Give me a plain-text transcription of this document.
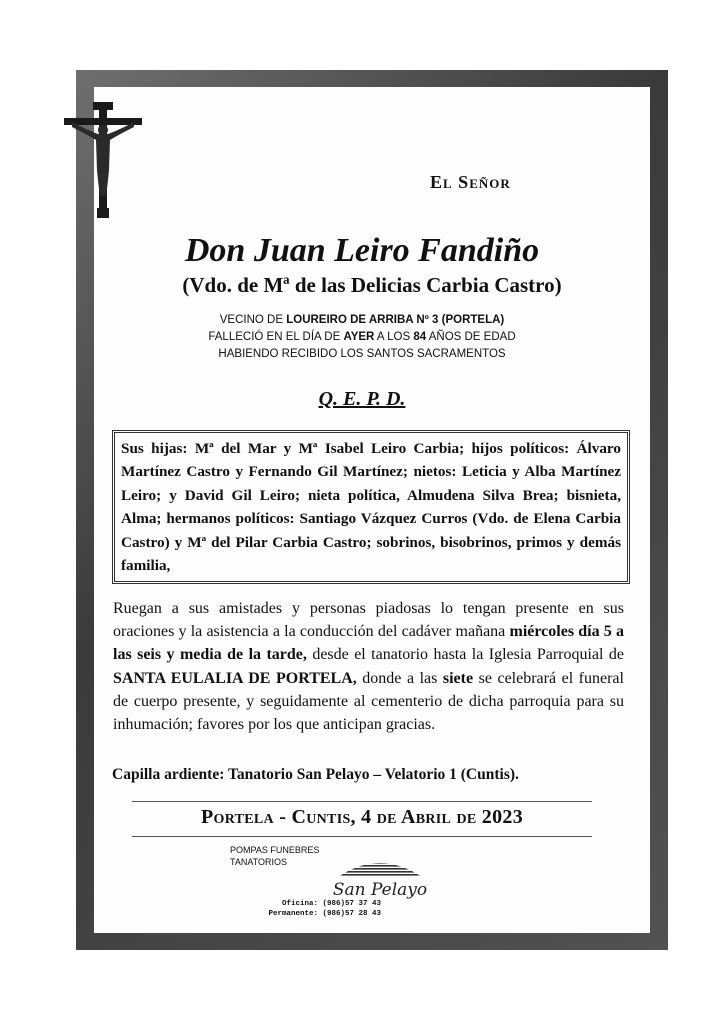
El Señor
Don Juan Leiro Fandiño
(Vdo. de Mª de las Delicias Carbia Castro)
VECINO DE LOUREIRO DE ARRIBA Nº 3 (PORTELA)
FALLECIÓ EN EL DÍA DE AYER A LOS 84 AÑOS DE EDAD
HABIENDO RECIBIDO LOS SANTOS SACRAMENTOS
Q. E. P. D.
Sus hijas: Mª del Mar y Mª Isabel Leiro Carbia; hijos políticos: Álvaro Martínez Castro y Fernando Gil Martínez; nietos: Leticia y Alba Martínez Leiro; y David Gil Leiro; nieta política, Almudena Silva Brea; bisnieta, Alma; hermanos políticos: Santiago Vázquez Curros (Vdo. de Elena Carbia Castro) y Mª del Pilar Carbia Castro; sobrinos, bisobrinos, primos y demás familia,
Ruegan a sus amistades y personas piadosas lo tengan presente en sus oraciones y la asistencia a la conducción del cadáver mañana miércoles día 5 a las seis y media de la tarde, desde el tanatorio hasta la Iglesia Parroquial de SANTA EULALIA DE PORTELA, donde a las siete se celebrará el funeral de cuerpo presente, y seguidamente al cementerio de dicha parroquia para su inhumación; favores por los que anticipan gracias.
Capilla ardiente: Tanatorio San Pelayo – Velatorio 1 (Cuntis).
Portela - Cuntis, 4 de Abril de 2023
POMPAS FUNEBRES
TANATORIOS
San Pelayo
Oficina: (986)57 37 43
Permanente: (986)57 28 43
